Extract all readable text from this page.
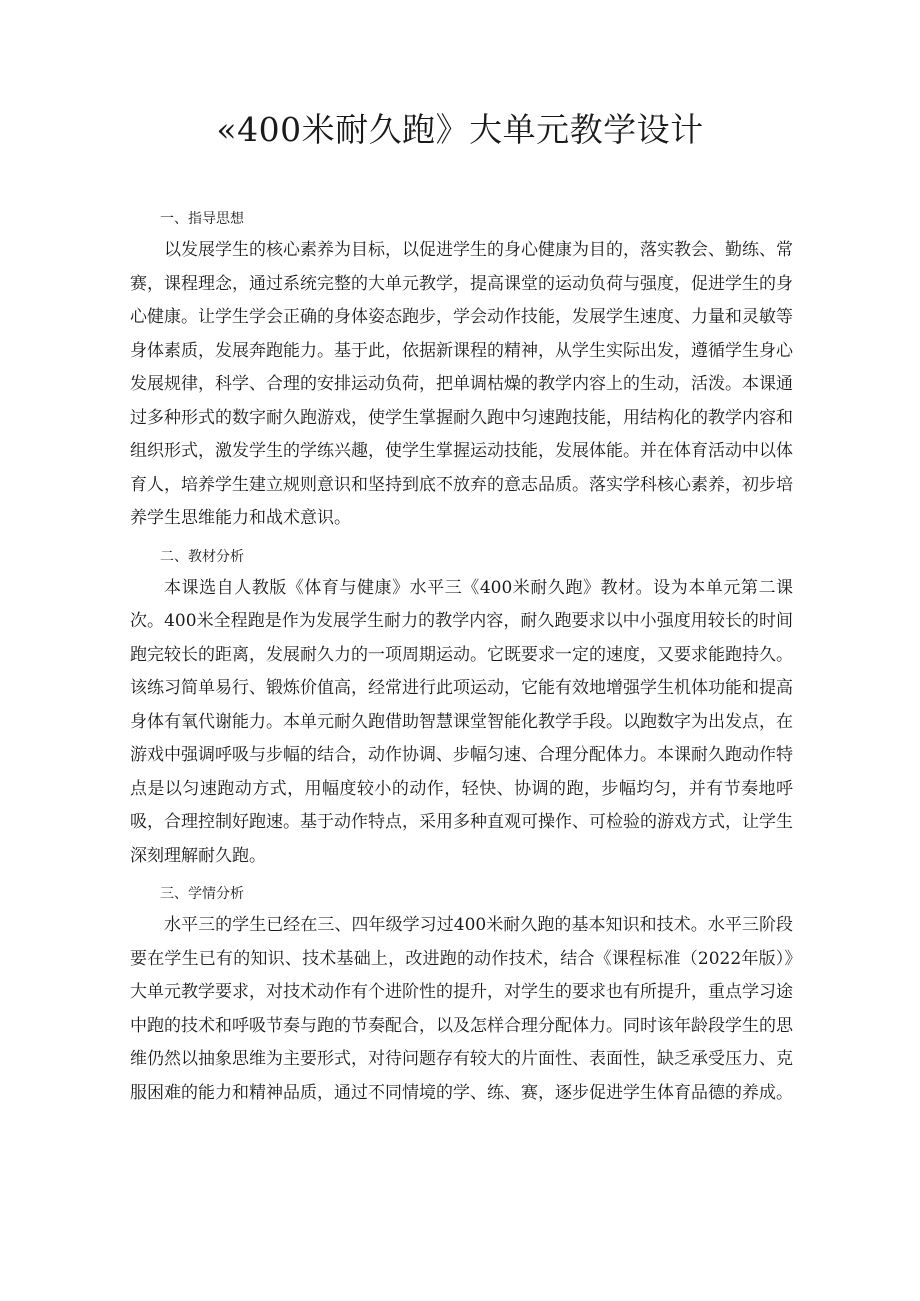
«400米耐久跑》大单元教学设计

一、指导思想

以发展学生的核心素养为目标，以促进学生的身心健康为目的，落实教会、勤练、常赛，课程理念，通过系统完整的大单元教学，提高课堂的运动负荷与强度，促进学生的身心健康。让学生学会正确的身体姿态跑步，学会动作技能，发展学生速度、力量和灵敏等身体素质，发展奔跑能力。基于此，依据新课程的精神，从学生实际出发，遵循学生身心发展规律，科学、合理的安排运动负荷，把单调枯燥的教学内容上的生动，活泼。本课通过多种形式的数字耐久跑游戏，使学生掌握耐久跑中匀速跑技能，用结构化的教学内容和组织形式，激发学生的学练兴趣，使学生掌握运动技能，发展体能。并在体育活动中以体育人，培养学生建立规则意识和坚持到底不放弃的意志品质。落实学科核心素养，初步培养学生思维能力和战术意识。

二、教材分析

本课选自人教版《体育与健康》水平三《400米耐久跑》教材。设为本单元第二课次。400米全程跑是作为发展学生耐力的教学内容，耐久跑要求以中小强度用较长的时间跑完较长的距离，发展耐久力的一项周期运动。它既要求一定的速度，又要求能跑持久。该练习简单易行、锻炼价值高，经常进行此项运动，它能有效地增强学生机体功能和提高身体有氧代谢能力。本单元耐久跑借助智慧课堂智能化教学手段。以跑数字为出发点，在游戏中强调呼吸与步幅的结合，动作协调、步幅匀速、合理分配体力。本课耐久跑动作特点是以匀速跑动方式，用幅度较小的动作，轻快、协调的跑，步幅均匀，并有节奏地呼吸，合理控制好跑速。基于动作特点，采用多种直观可操作、可检验的游戏方式，让学生深刻理解耐久跑。

三、学情分析

水平三的学生已经在三、四年级学习过400米耐久跑的基本知识和技术。水平三阶段要在学生已有的知识、技术基础上，改进跑的动作技术，结合《课程标准（2022年版）》大单元教学要求，对技术动作有个进阶性的提升，对学生的要求也有所提升，重点学习途中跑的技术和呼吸节奏与跑的节奏配合，以及怎样合理分配体力。同时该年龄段学生的思维仍然以抽象思维为主要形式，对待问题存有较大的片面性、表面性，缺乏承受压力、克服困难的能力和精神品质，通过不同情境的学、练、赛，逐步促进学生体育品德的养成。
